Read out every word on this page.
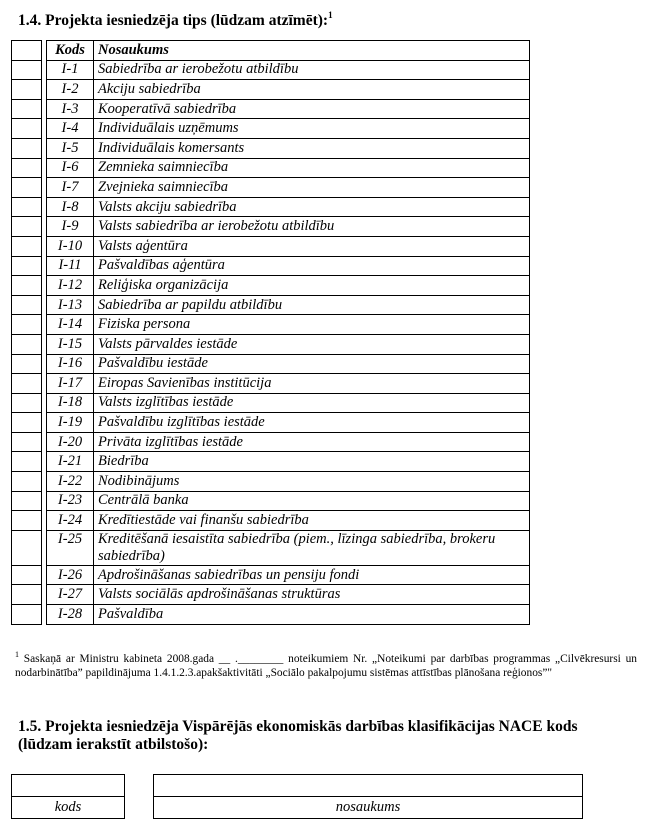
1.4. Projekta iesniedzēja tips (lūdzam atzīmēt):$^1$
		Kods	Nosaukums
		I-1	Sabiedrība ar ierobežotu atbildību
		I-2	Akciju sabiedrība
		I-3	Kooperatīvā sabiedrība
		I-4	Individuālais uzņēmums
		I-5	Individuālais komersants
		I-6	Zemnieka saimniecība
		I-7	Zvejnieka saimniecība
		I-8	Valsts akciju sabiedrība
		I-9	Valsts sabiedrība ar ierobežotu atbildību
		I-10	Valsts aģentūra
		I-11	Pašvaldības aģentūra
		I-12	Reliģiska organizācija
		I-13	Sabiedrība ar papildu atbildību
		I-14	Fiziska persona
		I-15	Valsts pārvaldes iestāde
		I-16	Pašvaldību iestāde
		I-17	Eiropas Savienības institūcija
		I-18	Valsts izglītības iestāde
		I-19	Pašvaldību izglītības iestāde
		I-20	Privāta izglītības iestāde
		I-21	Biedrība
		I-22	Nodibinājums
		I-23	Centrālā banka
		I-24	Kredītiestāde vai finanšu sabiedrība
		I-25	Kreditēšanā iesaistīta sabiedrība (piem., līzinga sabiedrība, brokeru sabiedrība)
		I-26	Apdrošināšanas sabiedrības un pensiju fondi
		I-27	Valsts sociālās apdrošināšanas struktūras
		I-28	Pašvaldība
$^1$ Saskaņā ar Ministru kabineta 2008.gada __ .________ noteikumiem Nr. „Noteikumi par darbības programmas „Cilvēkresursi un nodarbinātība” papildinājuma 1.4.1.2.3.apakšaktivitāti „Sociālo pakalpojumu sistēmas attīstības plānošana reģionos”"
1.5. Projekta iesniedzēja Vispārējās ekonomiskās darbības klasifikācijas NACE kods
(lūdzam ierakstīt atbilstošo):

kods		nosaukums
